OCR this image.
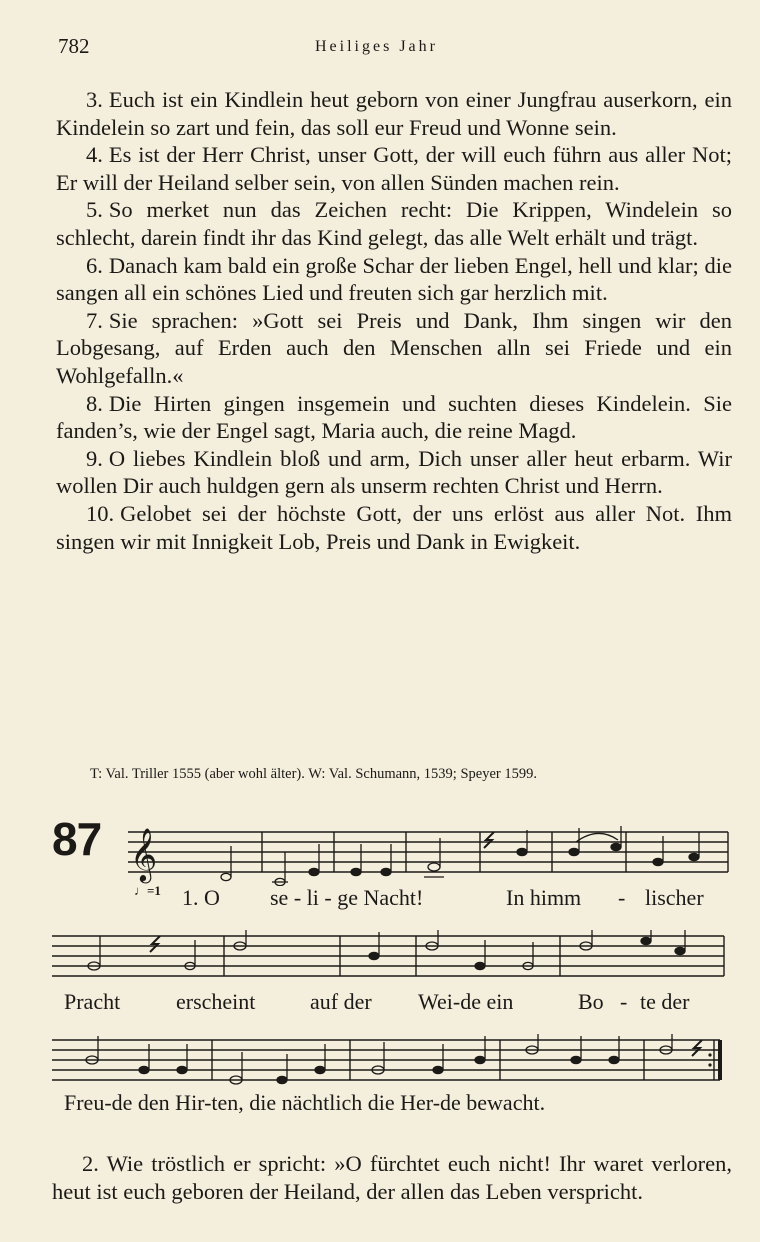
782	Heiliges Jahr

3. Euch ist ein Kindlein heut geborn von einer Jungfrau auserkorn, ein Kindelein so zart und fein, das soll eur Freud und Wonne sein.

4. Es ist der Herr Christ, unser Gott, der will euch führn aus aller Not; Er will der Heiland selber sein, von allen Sünden machen rein.

5. So merket nun das Zeichen recht: Die Krippen, Windelein so schlecht, darein findt ihr das Kind gelegt, das alle Welt erhält und trägt.

6. Danach kam bald ein große Schar der lieben Engel, hell und klar; die sangen all ein schönes Lied und freuten sich gar herzlich mit.

7. Sie sprachen: »Gott sei Preis und Dank, Ihm singen wir den Lobgesang, auf Erden auch den Menschen alln sei Friede und ein Wohlgefalln.«

8. Die Hirten gingen insgemein und suchten dieses Kindelein. Sie fanden’s, wie der Engel sagt, Maria auch, die reine Magd.

9. O liebes Kindlein bloß und arm, Dich unser aller heut erbarm. Wir wollen Dir auch huldgen gern als unserm rechten Christ und Herrn.

10. Gelobet sei der höchste Gott, der uns erlöst aus aller Not. Ihm singen wir mit Innigkeit Lob, Preis und Dank in Ewigkeit.

T: Val. Triller 1555 (aber wohl älter). W: Val. Schumann, 1539; Speyer 1599.
87 𝄞
♩=1 1. O se - li - ge Nacht!	In himm - lischer
Pracht	erscheint auf der Wei-de ein	Bo - te der
Freu-de den Hir-ten, die nächtlich die Her-de bewacht.

2. Wie tröstlich er spricht: »O fürchtet euch nicht! Ihr waret verloren, heut ist euch geboren der Heiland, der allen das Leben verspricht.
